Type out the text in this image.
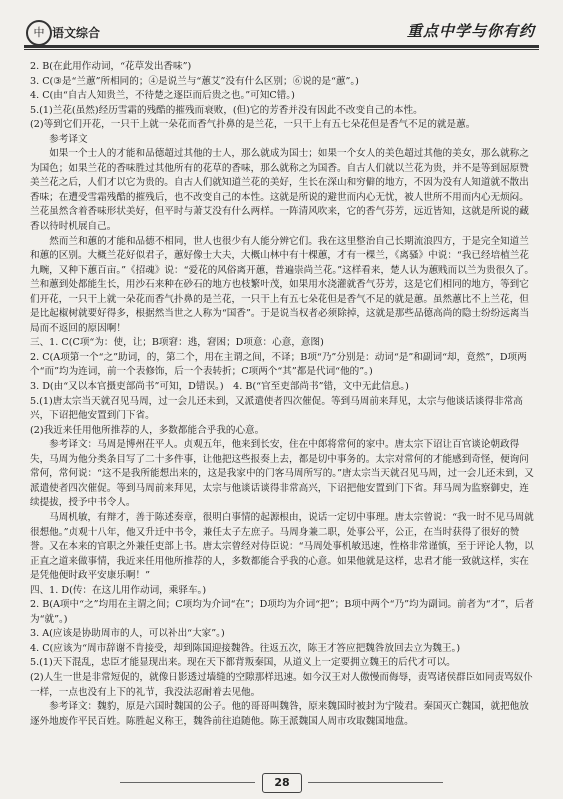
中 语文综合	重点中学与你有约

2. B(在此用作动词，“花草发出香味”)

3. C(③是“兰蕙”所相同的；④是说兰与“蕙艾”没有什么区别；⑥说的是“蕙”。)

4. C(由“自古人知贵兰，不待楚之逐臣而后贵之也。”可知C错。)

5.(1)兰花(虽然)经历雪霜的残酷的摧残而衰败，(但)它的芳香并没有因此不改变自己的本性。

(2)等到它们开花，一只干上就一朵花而香气扑鼻的是兰花，一只干上有五七朵花但是香气不足的就是蕙。

参考译文

如果一个士人的才能和品德超过其他的士人，那么就成为国士；如果一个女人的美色超过其他的美女，那么就称之为国色；如果兰花的香味胜过其他所有的花草的香味，那么就称之为国香。自古人们就以兰花为贵，并不是等到屈原赞美兰花之后，人们才以它为贵的。自古人们就知道兰花的美好，生长在深山和穷僻的地方，不因为没有人知道就不散出香味；在遭受雪霜残酷的摧残后，也不改变自己的本性。这就是所说的避世而内心无忧，被人世所不用而内心无烦闷。兰花虽然含着香味形状美好，但平时与萧艾没有什么两样。一阵清风吹来，它的香气芬芳，远近皆知，这就是所说的藏香以待时机展自己。

然而兰和蕙的才能和品德不相同，世人也很少有人能分辨它们。我在这里整治自己长期流浪四方，于是完全知道兰和蕙的区别。大概兰花好似君子，蕙好像士大夫，大概山林中有十棵蕙，才有一棵兰，《离骚》中说：“我已经培植兰花九畹，又种下蕙百亩。”《招魂》说：“爱花的风俗离开蕙，普遍崇尚兰花。”这样看来，楚人认为蕙贱而以兰为贵很久了。兰和蕙到处都能生长，用沙石来种在砂石的地方也枝繁叶茂，如果用水浇灌就香气芬芳，这是它们相同的地方，等到它们开花，一只干上就一朵花而香气扑鼻的是兰花，一只干上有五七朵花但是香气不足的就是蕙。虽然蕙比不上兰花，但是比起椒树就要好得多，根据然当世之人称为“国香”。于是说当权者必须除掉，这就是那些品德高尚的隐士纷纷远离当局而不返回的原因啊！

三、1. C(C项“为：使，让；B项窘：逃，窘困；D项意：心意，意图)

2. C(A项第一个“之”助词，的，第二个，用在主谓之间，不译；B项“乃”分别是：动词“是”和副词“却，竟然”，D项两个“而”均为连词，前一个表修饰，后一个表转折；C项两个“其”都是代词“他的”。)

3. D(由“又以本官摄吏部尚书”可知，D错误。)　4. B(“官至吏部尚书”错，文中无此信息。)

5.(1)唐太宗当天就召见马周，过一会儿还未到，又派遣使者四次催促。等到马周前来拜见，太宗与他谈话谈得非常高兴，下诏把他安置到门下省。

(2)我近来任用他所推荐的人，多数都能合乎我的心意。

参考译文：马周是博州茌平人。贞观五年，他来到长安，住在中郎将常何的家中。唐太宗下诏让百官谈论朝政得失，马周为他分类条目写了二十多件事，让他把这些报奏上去，都是切中事务的。太宗对常何的才能感到奇怪，便询问常何，常何说：“这不是我所能想出来的，这是我家中的门客马周所写的。”唐太宗当天就召见马周，过一会儿还未到，又派遣使者四次催促。等到马周前来拜见，太宗与他谈话谈得非常高兴，下诏把他安置到门下省。拜马周为监察御史，连续提拔，授予中书令人。

马周机敏，有辩才，善于陈述奏章，很明白事情的起源根由，说话一定切中事理。唐太宗曾说：“我一时不见马周就很想他。”贞观十八年，他又升迁中书令，兼任太子左庶子。马周身兼二职，处事公平，公正，在当时获得了很好的赞誉。又在本来的官职之外兼任吏部上书。唐太宗曾经对侍臣说：“马周处事机敏迅速，性格非常谨慎，至于评论人物，以正直之道来做事情，我近来任用他所推荐的人，多数都能合乎我的心意。如果他就是这样，忠君才能一致就这样，实在是凭他便时政平安康乐啊！”

四、1. D(传：在这儿用作动词，乘驿车。)

2. B(A项中“之”均用在主谓之间；C项均为介词“在”；D项均为介词“把”；B项中两个“乃”均为副词。前者为“才”，后者为“就”。)

3. A(应该是协助周市的人，可以补出“大家”。)

4. C(应该为“周市辞谢不肯接受，却到陈国迎接魏咎。往返五次，陈王才答应把魏咎放回去立为魏王。)

5.(1)天下混乱，忠臣才能显现出来。现在天下都背叛秦国，从道义上一定要拥立魏王的后代才可以。

(2)人生一世是非常短促的，就像日影透过墙缝的空隙那样迅速。如今汉王对人傲慢而侮辱，责骂诸侯群臣如同责骂奴仆一样，一点也没有上下的礼节，我没法忍耐着去见他。

参考译文：魏豹，原是六国时魏国的公子。他的哥哥叫魏咎，原来魏国时被封为宁陵君。秦国灭亡魏国，就把他放逐外地废作平民百姓。陈胜起义称王，魏咎前往追随他。陈王派魏国人周市攻取魏国地盘。

28
